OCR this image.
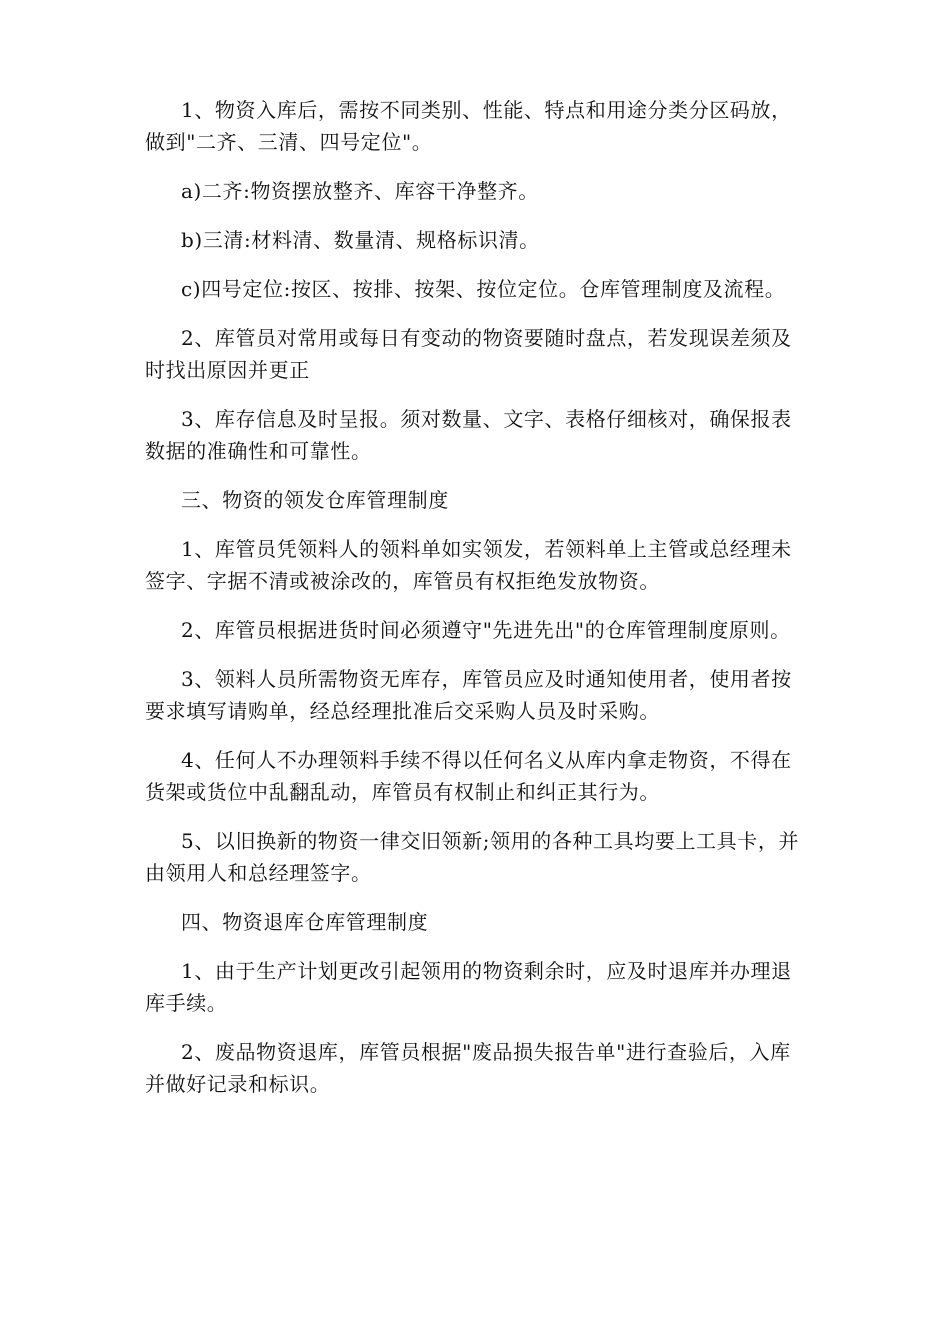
1、物资入库后，需按不同类别、性能、特点和用途分类分区码放，做到"二齐、三清、四号定位"。

a)二齐:物资摆放整齐、库容干净整齐。

b)三清:材料清、数量清、规格标识清。

c)四号定位:按区、按排、按架、按位定位。仓库管理制度及流程。

2、库管员对常用或每日有变动的物资要随时盘点，若发现误差须及时找出原因并更正

3、库存信息及时呈报。须对数量、文字、表格仔细核对，确保报表数据的准确性和可靠性。

三、物资的领发仓库管理制度

1、库管员凭领料人的领料单如实领发，若领料单上主管或总经理未签字、字据不清或被涂改的，库管员有权拒绝发放物资。

2、库管员根据进货时间必须遵守"先进先出"的仓库管理制度原则。

3、领料人员所需物资无库存，库管员应及时通知使用者，使用者按要求填写请购单，经总经理批准后交采购人员及时采购。

4、任何人不办理领料手续不得以任何名义从库内拿走物资，不得在货架或货位中乱翻乱动，库管员有权制止和纠正其行为。

5、以旧换新的物资一律交旧领新;领用的各种工具均要上工具卡，并由领用人和总经理签字。

四、物资退库仓库管理制度

1、由于生产计划更改引起领用的物资剩余时，应及时退库并办理退库手续。

2、废品物资退库，库管员根据"废品损失报告单"进行查验后，入库并做好记录和标识。
